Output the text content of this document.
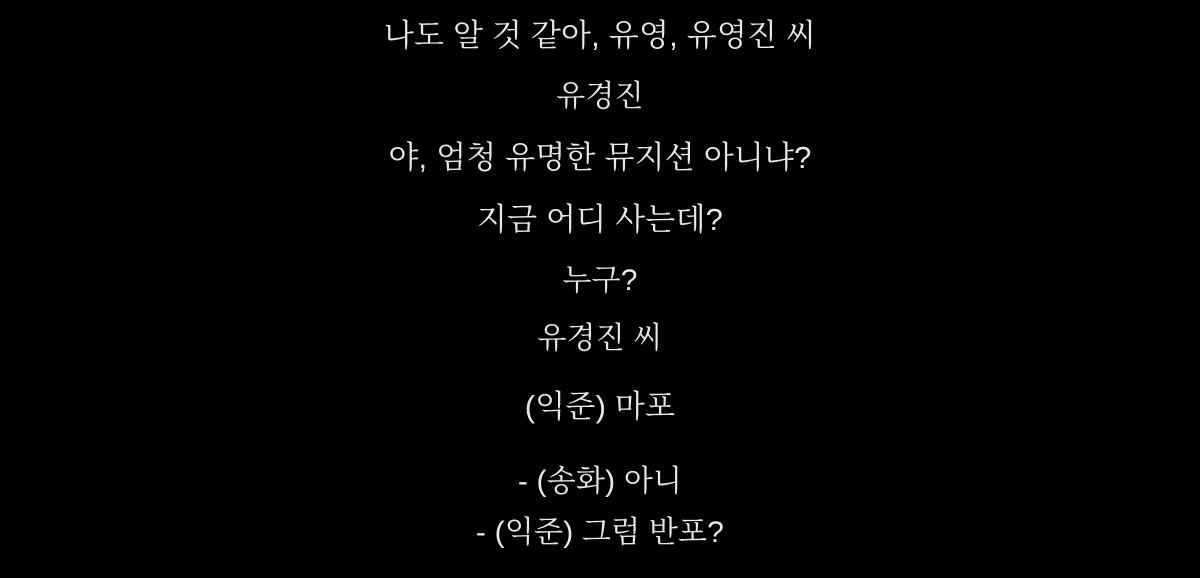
나도 알 것 같아, 유영, 유영진 씨
유경진
야, 엄청 유명한 뮤지션 아니냐?
지금 어디 사는데?
누구?
유경진 씨
(익준) 마포
- (송화) 아니
- (익준) 그럼 반포?
